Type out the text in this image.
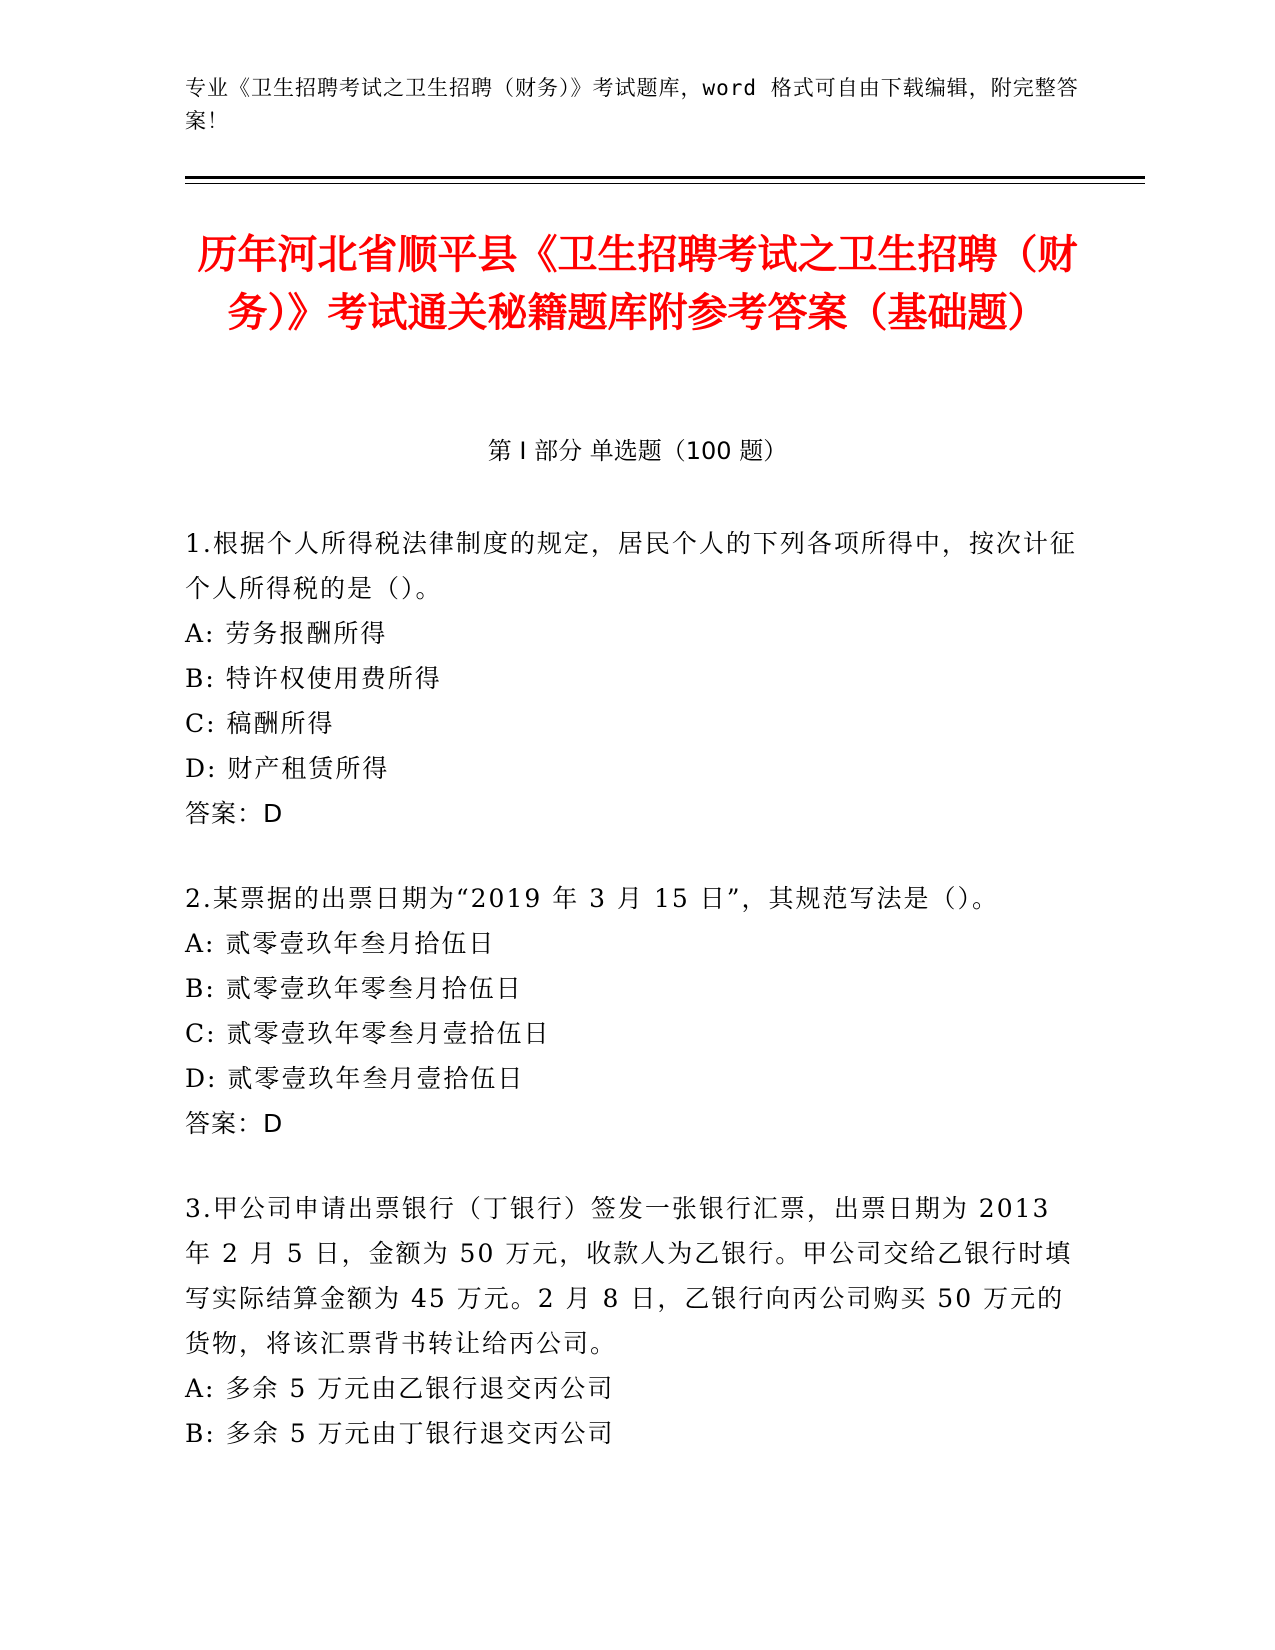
专业《卫生招聘考试之卫生招聘（财务）》考试题库，word 格式可自由下载编辑，附完整答案！
历年河北省顺平县《卫生招聘考试之卫生招聘（财务）》考试通关秘籍题库附参考答案（基础题）
第 I 部分 单选题（100 题）
1.根据个人所得税法律制度的规定，居民个人的下列各项所得中，按次计征个人所得税的是（）。
A: 劳务报酬所得
B: 特许权使用费所得
C: 稿酬所得
D: 财产租赁所得
答案：D
2.某票据的出票日期为“2019 年 3 月 15 日”，其规范写法是（）。
A: 贰零壹玖年叁月拾伍日
B: 贰零壹玖年零叁月拾伍日
C: 贰零壹玖年零叁月壹拾伍日
D: 贰零壹玖年叁月壹拾伍日
答案：D
3.甲公司申请出票银行（丁银行）签发一张银行汇票，出票日期为 2013 年 2 月 5 日，金额为 50 万元，收款人为乙银行。甲公司交给乙银行时填写实际结算金额为 45 万元。2 月 8 日，乙银行向丙公司购买 50 万元的货物，将该汇票背书转让给丙公司。
A: 多余 5 万元由乙银行退交丙公司
B: 多余 5 万元由丁银行退交丙公司
